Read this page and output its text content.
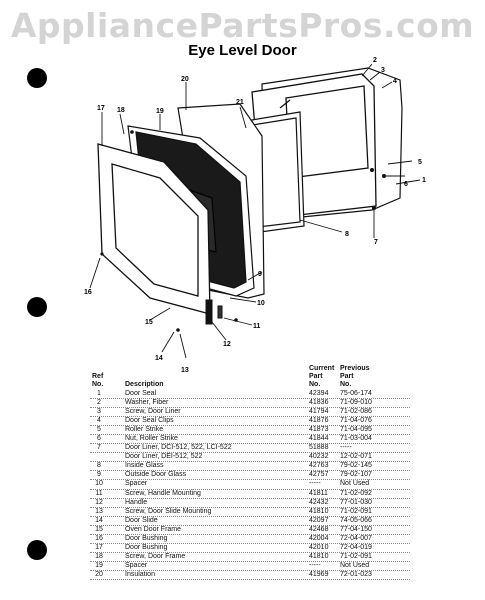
AppliancePartsPros.com
Eye Level Door
20
21
2
3
4
17 18	19
5
6
7
8
9
10
11
12
13
14
15
16
1
Ref
No.	Description
Current
Part
No.
Previous
Part
No.
1	Door Seal	42394 75-06-174
2	Washer, Fiber	41836 71-09-010
3	Screw, Door Liner	41794 71-02-086
4	Door Seal Clips	41876 71-04-076
5	Roller Strike	41873 71-04-095
6	Nut, Roller Strike	41844 71-03-004
7	Door Liner, DCI-512, 522, LCI-522	51888 -----
Door Liner, DEI-512, 522	40232 12-02-071
8	Inside Glass	42763 79-02-145
9	Outside Door Glass	42757 79-02-107
10	Spacer	-----	Not Used
11	Screw, Handle Mounting	41811 71-02-092
12	Handle	42432 77-01-030
13	Screw, Door Slide Mounting	41810 71-02-091
14	Door Slide	42097 74-05-066
15	Oven Door Frame	42468 77-04-150
16	Door Bushing	42004 72-04-007
17	Door Bushing	42010 72-04-019
18	Screw, Door Frame	41810 71-02-091
19	Spacer	-----	Not Used
20	Insulation	41969 72-01-023
